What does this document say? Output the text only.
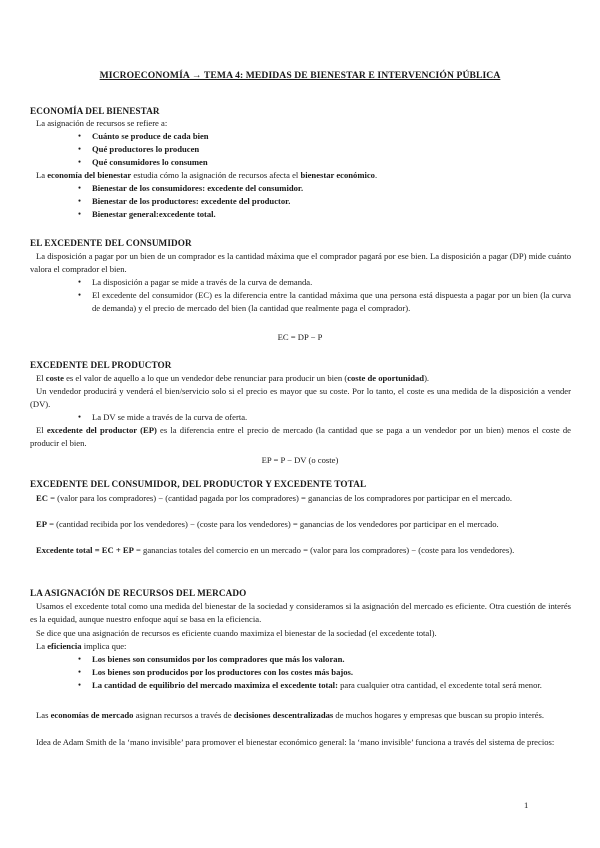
MICROECONOMÍA → TEMA 4: MEDIDAS DE BIENESTAR E INTERVENCIÓN PÚBLICA
ECONOMÍA DEL BIENESTAR
La asignación de recursos se refiere a:
● Cuánto se produce de cada bien
● Qué productores lo producen
● Qué consumidores lo consumen
La economía del bienestar estudia cómo la asignación de recursos afecta el bienestar económico.
● Bienestar de los consumidores: excedente del consumidor.
● Bienestar de los productores: excedente del productor.
● Bienestar general:excedente total.
EL EXCEDENTE DEL CONSUMIDOR
La disposición a pagar por un bien de un comprador es la cantidad máxima que el comprador pagará por ese bien. La disposición a pagar (DP) mide cuánto valora el comprador el bien.
● La disposición a pagar se mide a través de la curva de demanda.
● El excedente del consumidor (EC) es la diferencia entre la cantidad máxima que una persona está dispuesta a pagar por un bien (la curva de demanda) y el precio de mercado del bien (la cantidad que realmente paga el comprador).
EC = DP − P
EXCEDENTE DEL PRODUCTOR
El coste es el valor de aquello a lo que un vendedor debe renunciar para producir un bien (coste de oportunidad).
Un vendedor producirá y venderá el bien/servicio solo si el precio es mayor que su coste. Por lo tanto, el coste es una medida de la disposición a vender (DV).
● La DV se mide a través de la curva de oferta.
El excedente del productor (EP) es la diferencia entre el precio de mercado (la cantidad que se paga a un vendedor por un bien) menos el coste de producir el bien.
EP = P − DV (o coste)
EXCEDENTE DEL CONSUMIDOR, DEL PRODUCTOR Y EXCEDENTE TOTAL
EC = (valor para los compradores) − (cantidad pagada por los compradores) = ganancias de los compradores por participar en el mercado.
EP = (cantidad recibida por los vendedores) − (coste para los vendedores) = ganancias de los vendedores por participar en el mercado.
Excedente total = EC + EP = ganancias totales del comercio en un mercado = (valor para los compradores) − (coste para los vendedores).
LA ASIGNACIÓN DE RECURSOS DEL MERCADO
Usamos el excedente total como una medida del bienestar de la sociedad y consideramos si la asignación del mercado es eficiente. Otra cuestión de interés es la equidad, aunque nuestro enfoque aquí se basa en la eficiencia.
Se dice que una asignación de recursos es eficiente cuando maximiza el bienestar de la sociedad (el excedente total).
La eficiencia implica que:
● Los bienes son consumidos por los compradores que más los valoran.
● Los bienes son producidos por los productores con los costes más bajos.
● La cantidad de equilibrio del mercado maximiza el excedente total: para cualquier otra cantidad, el excedente total será menor.
Las economías de mercado asignan recursos a través de decisiones descentralizadas de muchos hogares y empresas que buscan su propio interés.
Idea de Adam Smith de la ‘mano invisible’ para promover el bienestar económico general: la ‘mano invisible’ funciona a través del sistema de precios:
1
